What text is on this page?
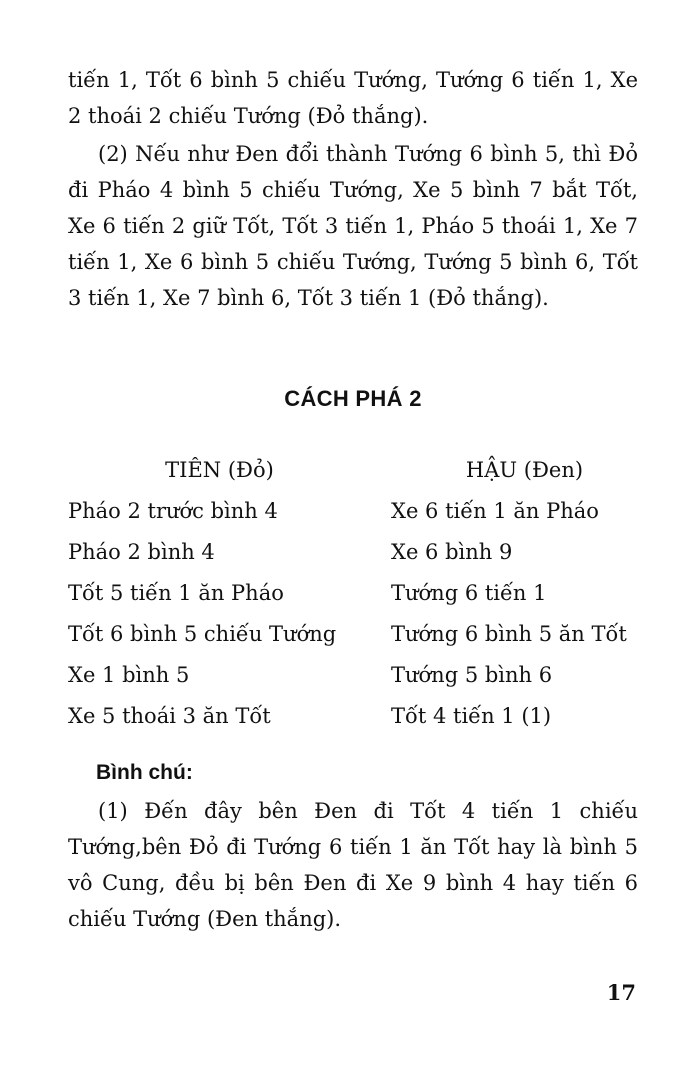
tiến 1, Tốt 6 bình 5 chiếu Tướng, Tướng 6 tiến 1, Xe 2 thoái 2 chiếu Tướng (Đỏ thắng).

(2) Nếu như Đen đổi thành Tướng 6 bình 5, thì Đỏ đi Pháo 4 bình 5 chiếu Tướng, Xe 5 bình 7 bắt Tốt, Xe 6 tiến 2 giữ Tốt, Tốt 3 tiến 1, Pháo 5 thoái 1, Xe 7 tiến 1, Xe 6 bình 5 chiếu Tướng, Tướng 5 bình 6, Tốt 3 tiến 1, Xe 7 bình 6, Tốt 3 tiến 1 (Đỏ thắng).

CÁCH PHÁ 2
TIÊN (Đỏ)	HẬU (Đen)
Pháo 2 trước bình 4	Xe 6 tiến 1 ăn Pháo
Pháo 2 bình 4	Xe 6 bình 9
Tốt 5 tiến 1 ăn Pháo	Tướng 6 tiến 1
Tốt 6 bình 5 chiếu Tướng	Tướng 6 bình 5 ăn Tốt
Xe 1 bình 5	Tướng 5 bình 6
Xe 5 thoái 3 ăn Tốt	Tốt 4 tiến 1 (1)
Bình chú:

(1) Đến đây bên Đen đi Tốt 4 tiến 1 chiếu Tướng,bên Đỏ đi Tướng 6 tiến 1 ăn Tốt hay là bình 5 vô Cung, đều bị bên Đen đi Xe 9 bình 4 hay tiến 6 chiếu Tướng (Đen thắng).

17
